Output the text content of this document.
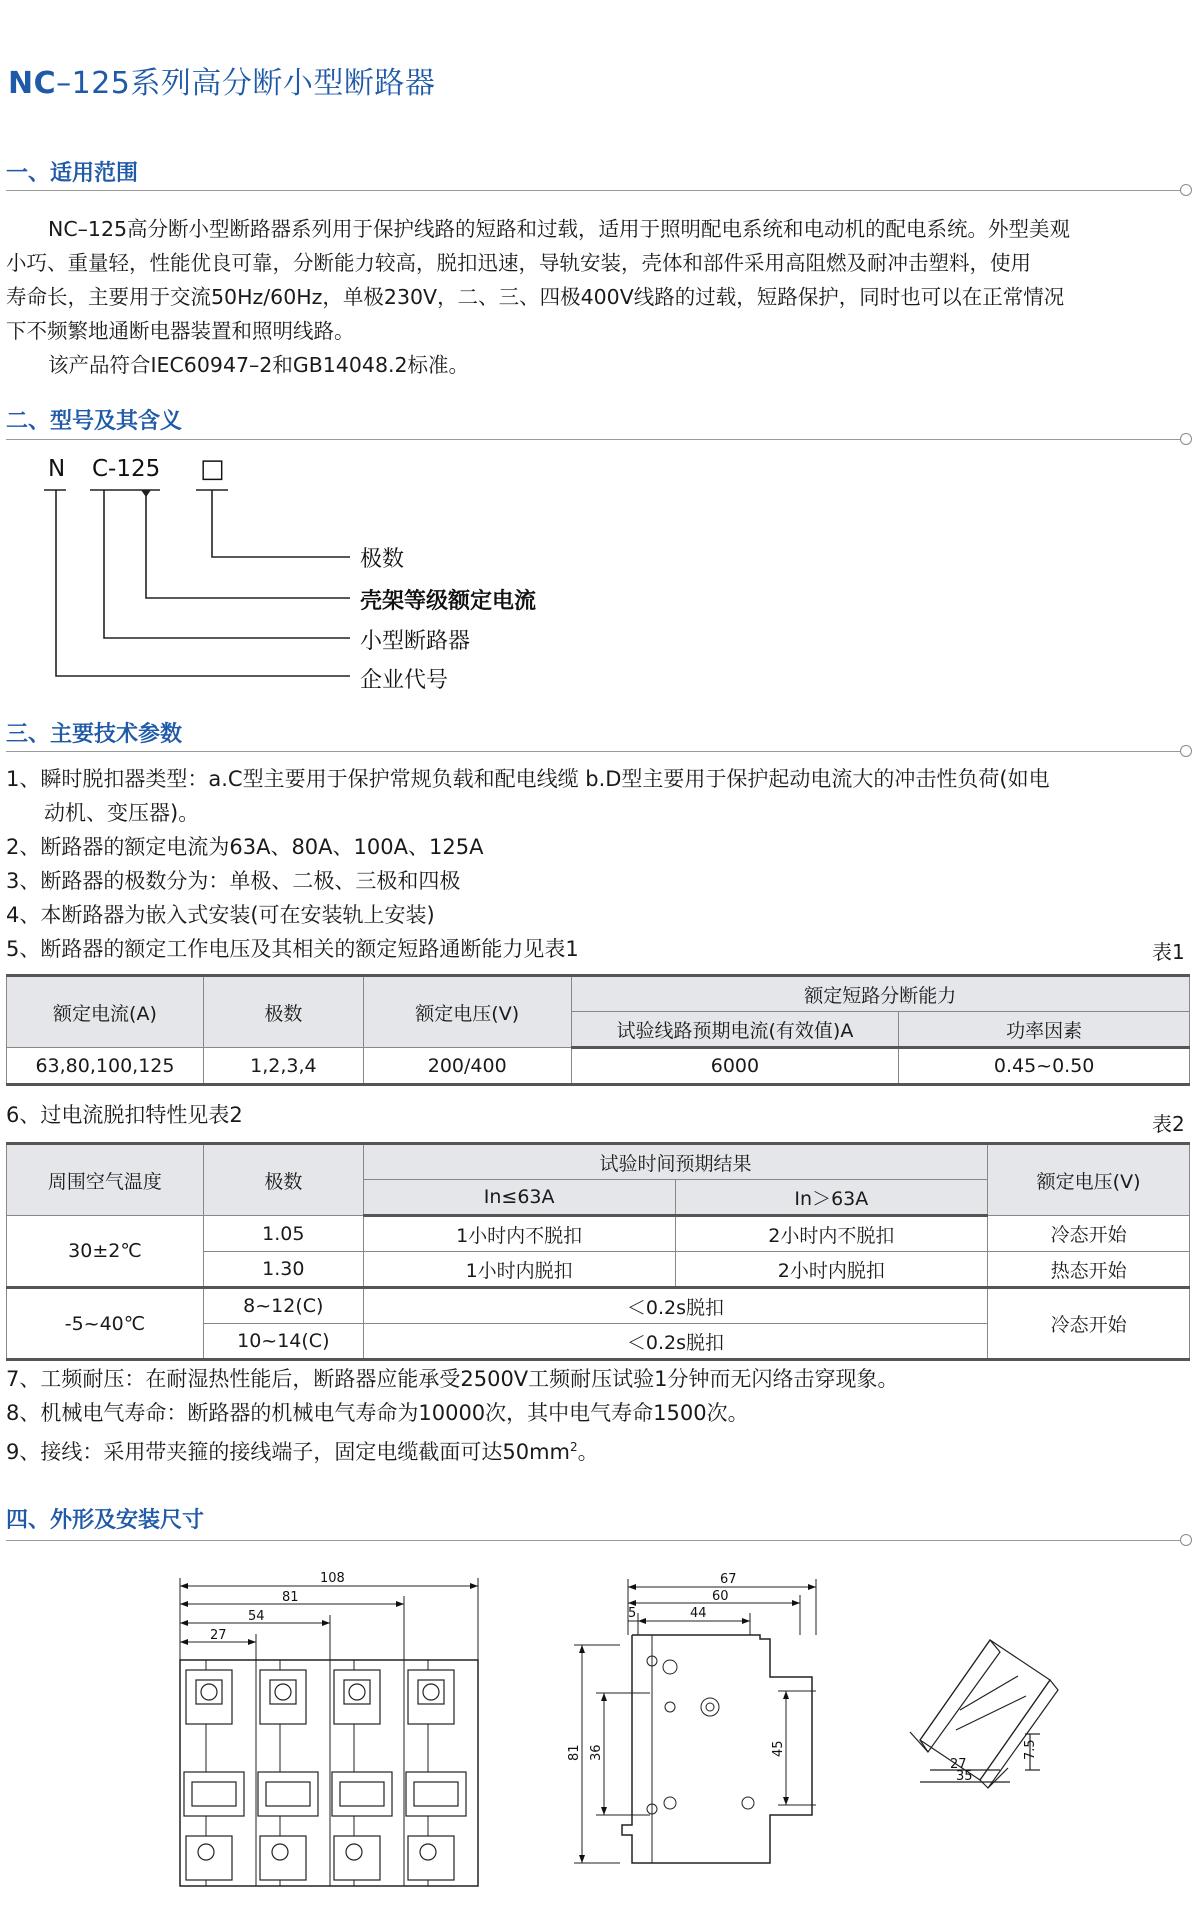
NC–125系列高分断小型断路器
一、适用范围

NC–125高分断小型断路器系列用于保护线路的短路和过载，适用于照明配电系统和电动机的配电系统。外型美观

小巧、重量轻，性能优良可靠，分断能力较高，脱扣迅速，导轨安装，壳体和部件采用高阻燃及耐冲击塑料，使用

寿命长，主要用于交流50Hz/60Hz，单极230V，二、三、四极400V线路的过载，短路保护，同时也可以在正常情况

下不频繁地通断电器装置和照明线路。

该产品符合IEC60947–2和GB14048.2标准。

二、型号及其含义
N C-125 □
极数
壳架等级额定电流
小型断路器
企业代号
三、主要技术参数
1、瞬时脱扣器类型：a.C型主要用于保护常规负载和配电线缆 b.D型主要用于保护起动电流大的冲击性负荷(如电
动机、变压器)。
2、断路器的额定电流为63A、80A、100A、125A
3、断路器的极数分为：单极、二极、三极和四极
4、本断路器为嵌入式安装(可在安装轨上安装)
5、断路器的额定工作电压及其相关的额定短路通断能力见表1	表1
额定电流(A)	极数	额定电压(V)	额定短路分断能力	
			试验线路预期电流(有效值)A	功率因素
63,80,100,125	1,2,3,4	200/400	6000	0.45~0.50
6、过电流脱扣特性见表2	表2
周围空气温度	极数	试验时间预期结果		额定电压(V)
		In≤63A	In＞63A	
30±2℃	1.05	1小时内不脱扣	2小时内不脱扣	冷态开始
	1.30	1小时内脱扣	2小时内脱扣	热态开始
-5~40℃	8~12(C)	＜0.2s脱扣		冷态开始
	10~14(C)	＜0.2s脱扣		
7、工频耐压：在耐湿热性能后，断路器应能承受2500V工频耐压试验1分钟而无闪络击穿现象。
8、机械电气寿命：断路器的机械电气寿命为10000次，其中电气寿命1500次。
9、接线：采用带夹箍的接线端子，固定电缆截面可达$50mm^2$。
四、外形及安装尺寸
108
81
54
27
67
60
5	44
81 36	45	7.5
27
35
